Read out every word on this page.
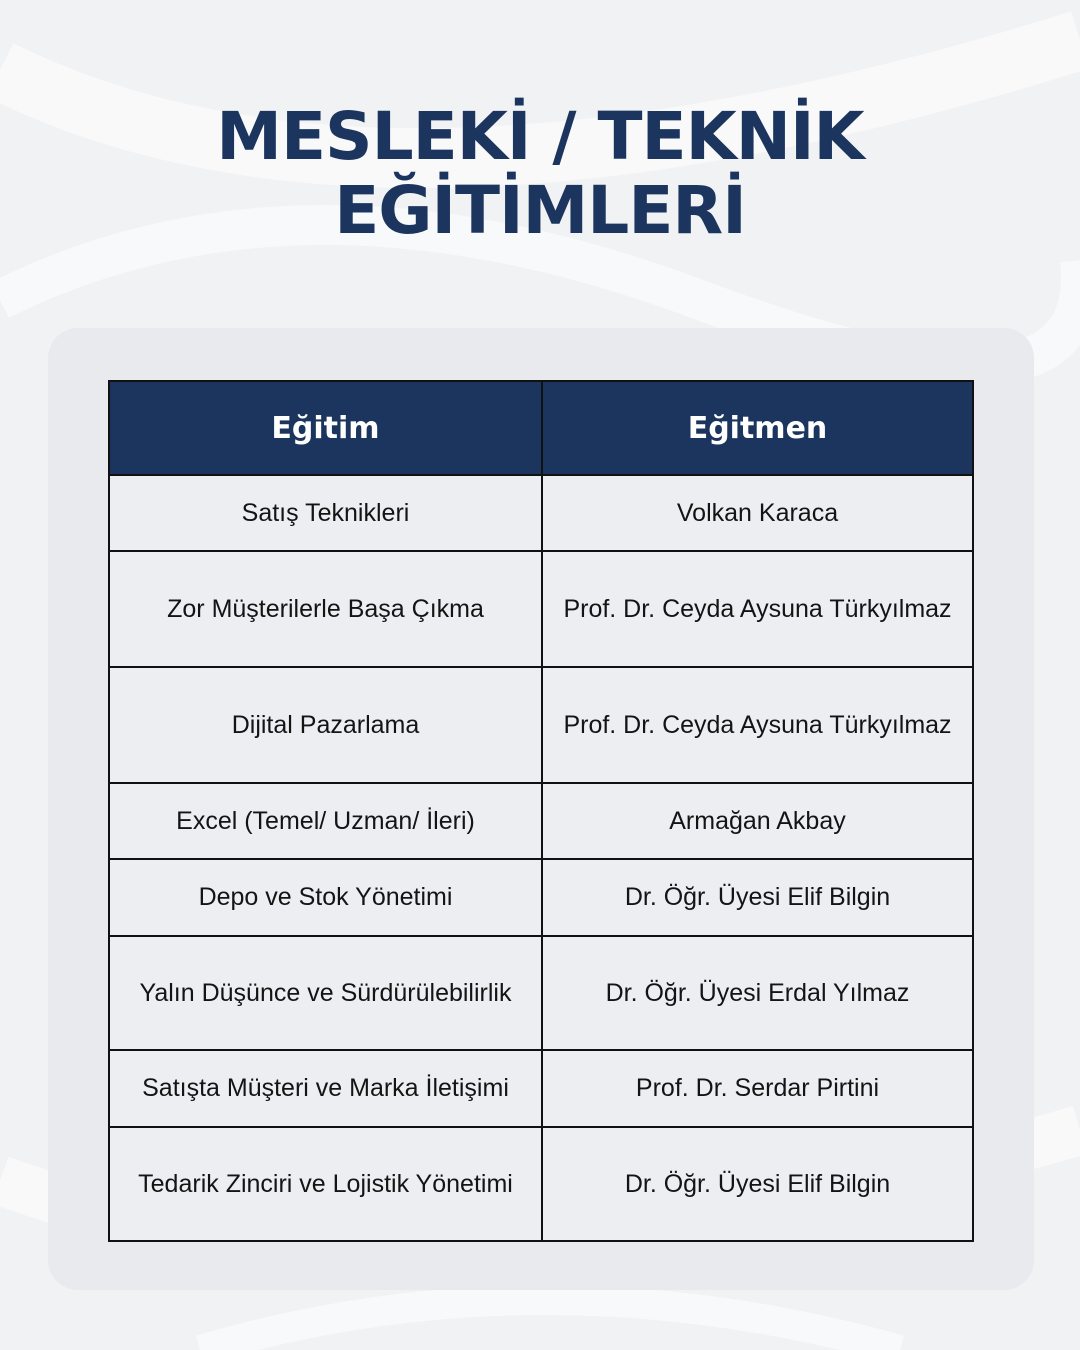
MESLEKİ / TEKNİK
EĞİTİMLERİ
Eğitim	Eğitmen
Satış Teknikleri	Volkan Karaca
Zor Müşterilerle Başa Çıkma	Prof. Dr. Ceyda Aysuna Türkyılmaz
Dijital Pazarlama	Prof. Dr. Ceyda Aysuna Türkyılmaz
Excel (Temel/ Uzman/ İleri)	Armağan Akbay
Depo ve Stok Yönetimi	Dr. Öğr. Üyesi Elif Bilgin
Yalın Düşünce ve Sürdürülebilirlik	Dr. Öğr. Üyesi Erdal Yılmaz
Satışta Müşteri ve Marka İletişimi	Prof. Dr. Serdar Pirtini
Tedarik Zinciri ve Lojistik Yönetimi	Dr. Öğr. Üyesi Elif Bilgin
